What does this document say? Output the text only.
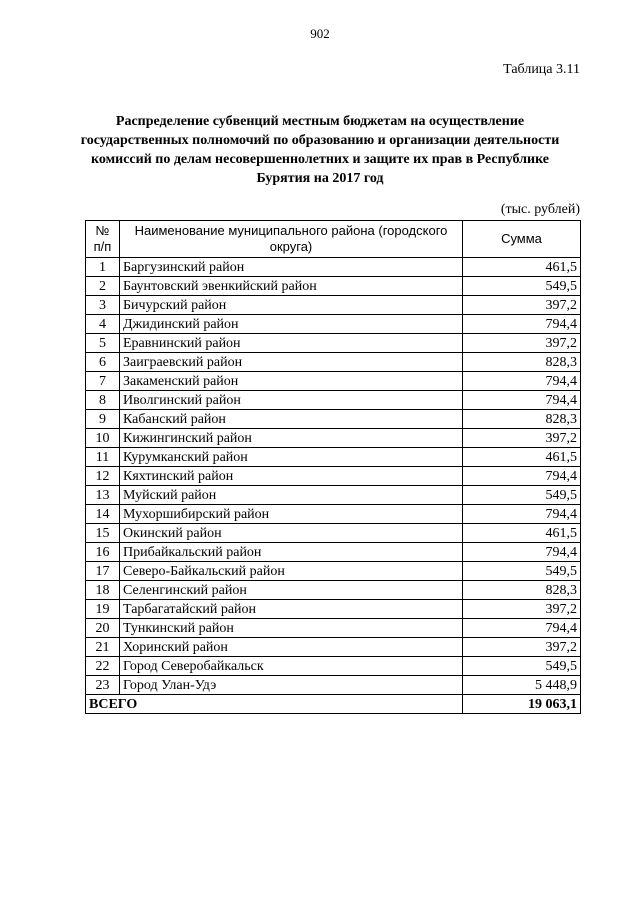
902
Таблица 3.11
Распределение субвенций местным бюджетам на осуществление государственных полномочий по образованию и организации деятельности комиссий по делам несовершеннолетних и защите их прав в Республике Бурятия на 2017 год
(тыс. рублей)
№ п/п	Наименование муниципального района (городского округа)	Сумма
1	Баргузинский район	461,5
2	Баунтовский эвенкийский район	549,5
3	Бичурский район	397,2
4	Джидинский район	794,4
5	Еравнинский район	397,2
6	Заиграевский район	828,3
7	Закаменский район	794,4
8	Иволгинский район	794,4
9	Кабанский район	828,3
10	Кижингинский район	397,2
11	Курумканский район	461,5
12	Кяхтинский район	794,4
13	Муйский район	549,5
14	Мухоршибирский район	794,4
15	Окинский район	461,5
16	Прибайкальский район	794,4
17	Северо-Байкальский район	549,5
18	Селенгинский район	828,3
19	Тарбагатайский район	397,2
20	Тункинский район	794,4
21	Хоринский район	397,2
22	Город Северобайкальск	549,5
23	Город Улан-Удэ	5 448,9
ВСЕГО		19 063,1
